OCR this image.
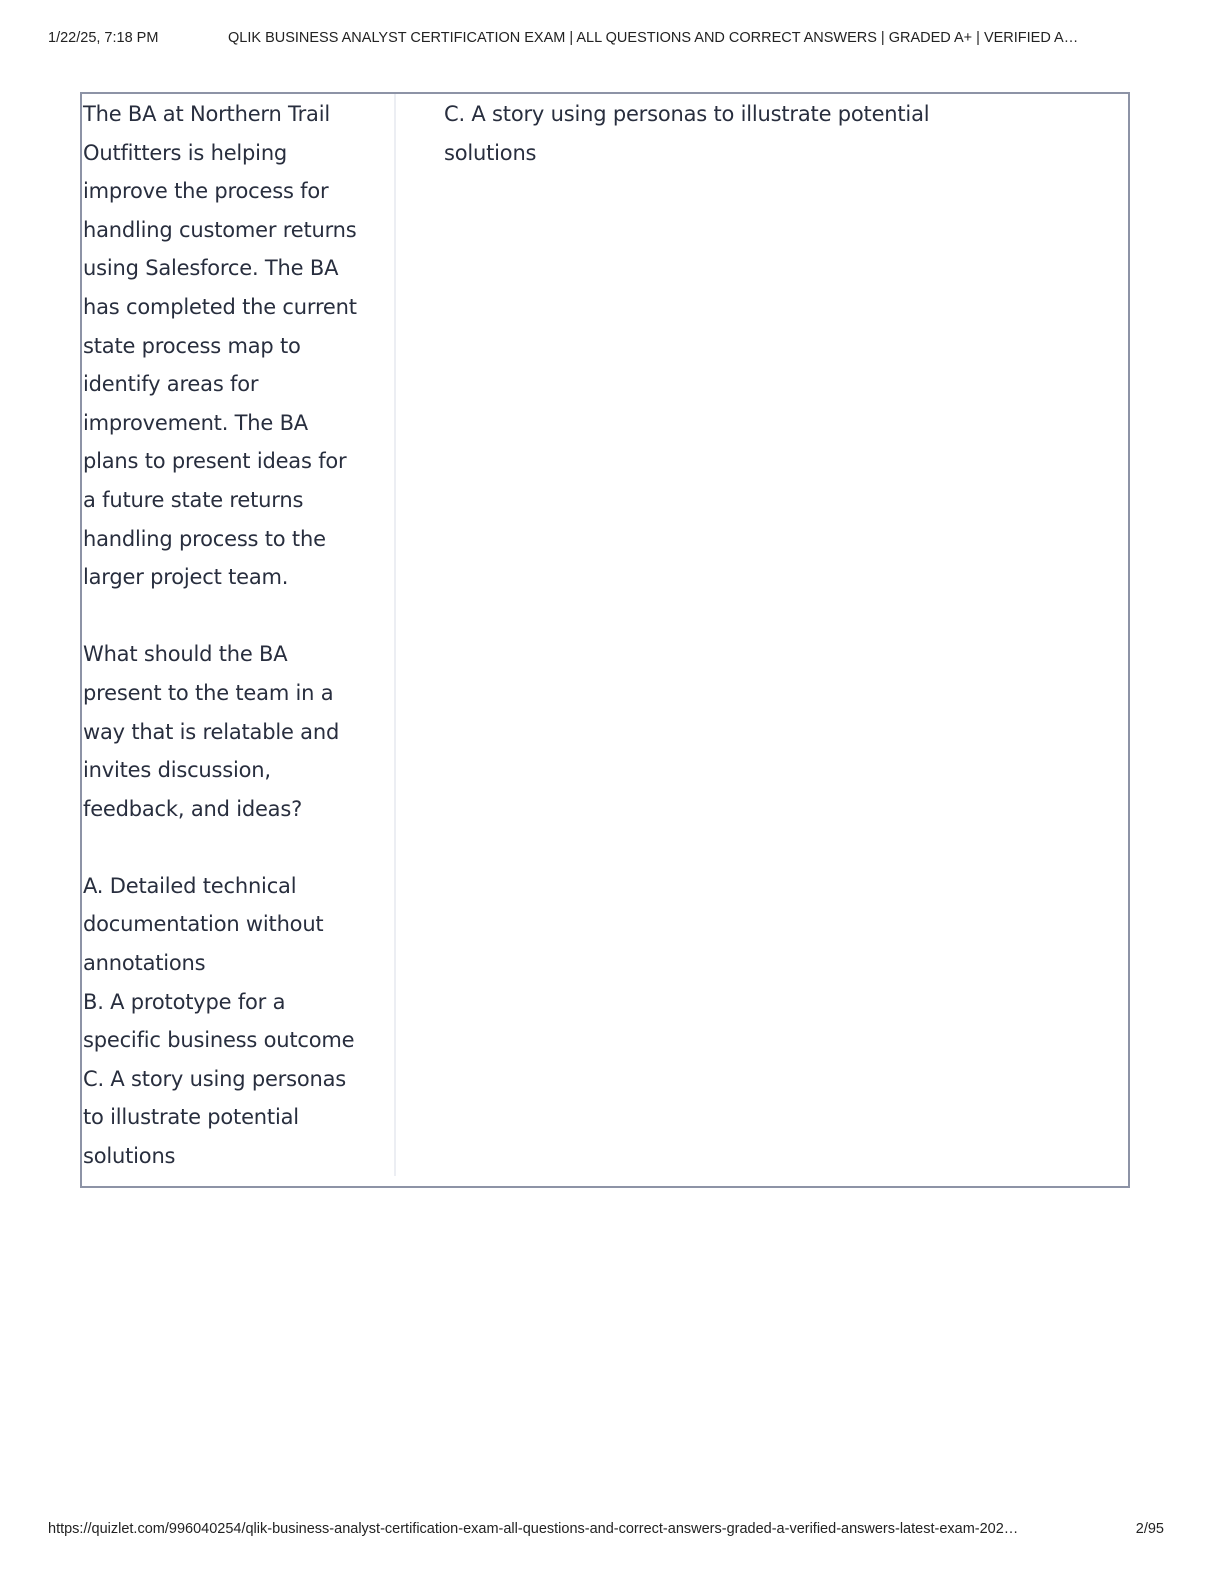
1/22/25, 7:18 PM	QLIK BUSINESS ANALYST CERTIFICATION EXAM | ALL QUESTIONS AND CORRECT ANSWERS | GRADED A+ | VERIFIED A…
The BA at Northern Trail
Outfitters is helping
improve the process for
handling customer returns
using Salesforce. The BA
has completed the current
state process map to
identify areas for
improvement. The BA
plans to present ideas for
a future state returns
handling process to the
larger project team.

What should the BA
present to the team in a
way that is relatable and
invites discussion,
feedback, and ideas?

A. Detailed technical
documentation without
annotations
B. A prototype for a
specific business outcome
C. A story using personas
to illustrate potential
solutions
C. A story using personas to illustrate potential
solutions
https://quizlet.com/996040254/qlik-business-analyst-certification-exam-all-questions-and-correct-answers-graded-a-verified-answers-latest-exam-202…	2/95
